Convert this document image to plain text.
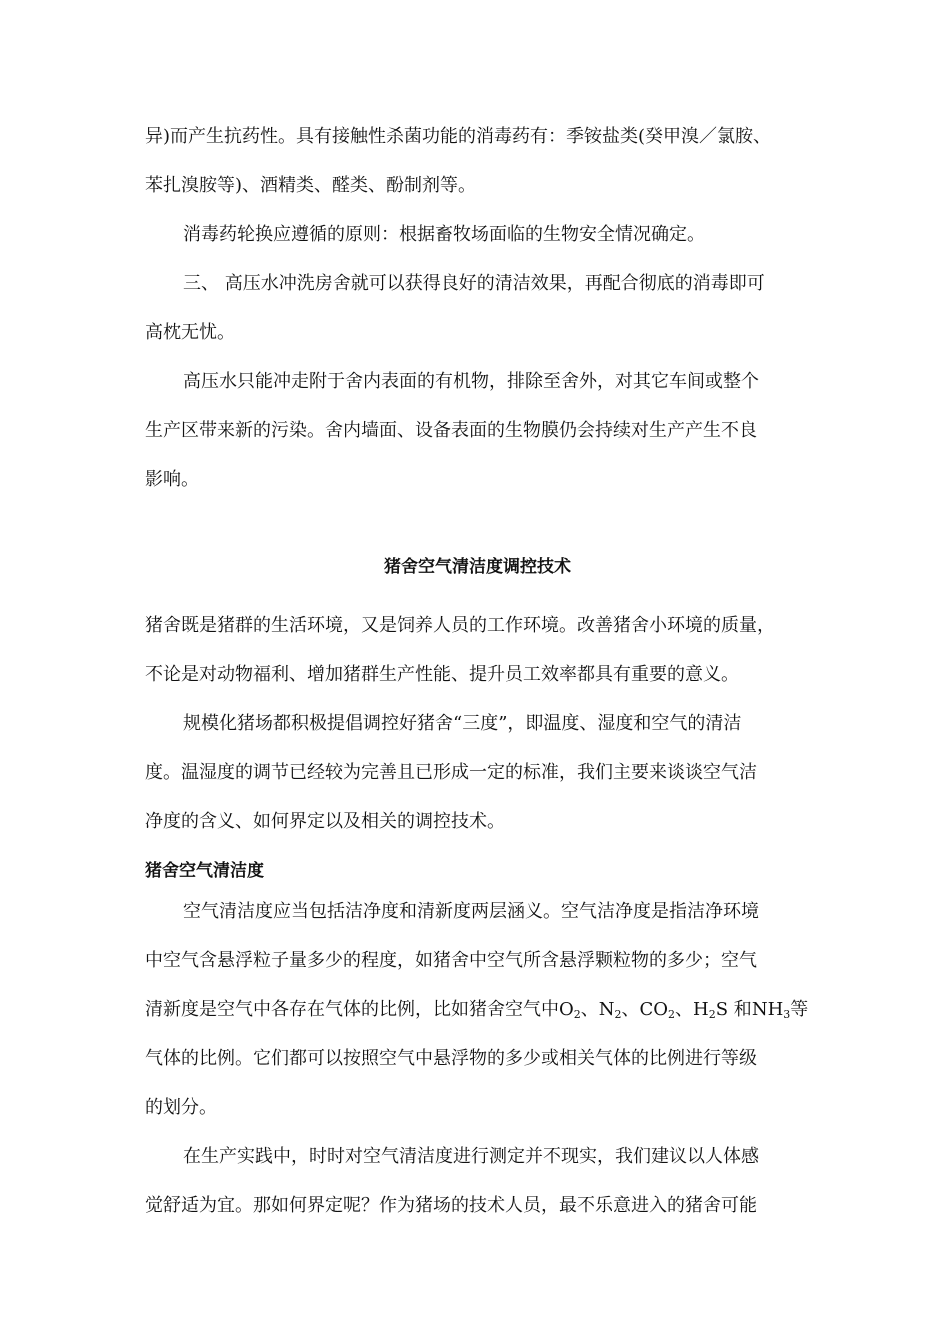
异)而产生抗药性。具有接触性杀菌功能的消毒药有：季铵盐类(癸甲溴／氯胺、
苯扎溴胺等)、酒精类、醛类、酚制剂等。
消毒药轮换应遵循的原则：根据畜牧场面临的生物安全情况确定。
三、 高压水冲洗房舍就可以获得良好的清洁效果，再配合彻底的消毒即可
高枕无忧。
高压水只能冲走附于舍内表面的有机物，排除至舍外，对其它车间或整个
生产区带来新的污染。舍内墙面、设备表面的生物膜仍会持续对生产产生不良
影响。
猪舍空气清洁度调控技术
猪舍既是猪群的生活环境，又是饲养人员的工作环境。改善猪舍小环境的质量，
不论是对动物福利、增加猪群生产性能、提升员工效率都具有重要的意义。
规模化猪场都积极提倡调控好猪舍“三度”，即温度、湿度和空气的清洁
度。温湿度的调节已经较为完善且已形成一定的标准，我们主要来谈谈空气洁
净度的含义、如何界定以及相关的调控技术。
猪舍空气清洁度
空气清洁度应当包括洁净度和清新度两层涵义。空气洁净度是指洁净环境
中空气含悬浮粒子量多少的程度，如猪舍中空气所含悬浮颗粒物的多少；空气
清新度是空气中各存在气体的比例，比如猪舍空气中$O_2$、$N_2$、$CO_2$、$H_2S$ 和$NH_3$等
气体的比例。它们都可以按照空气中悬浮物的多少或相关气体的比例进行等级
的划分。
在生产实践中，时时对空气清洁度进行测定并不现实，我们建议以人体感
觉舒适为宜。那如何界定呢？作为猪场的技术人员，最不乐意进入的猪舍可能
